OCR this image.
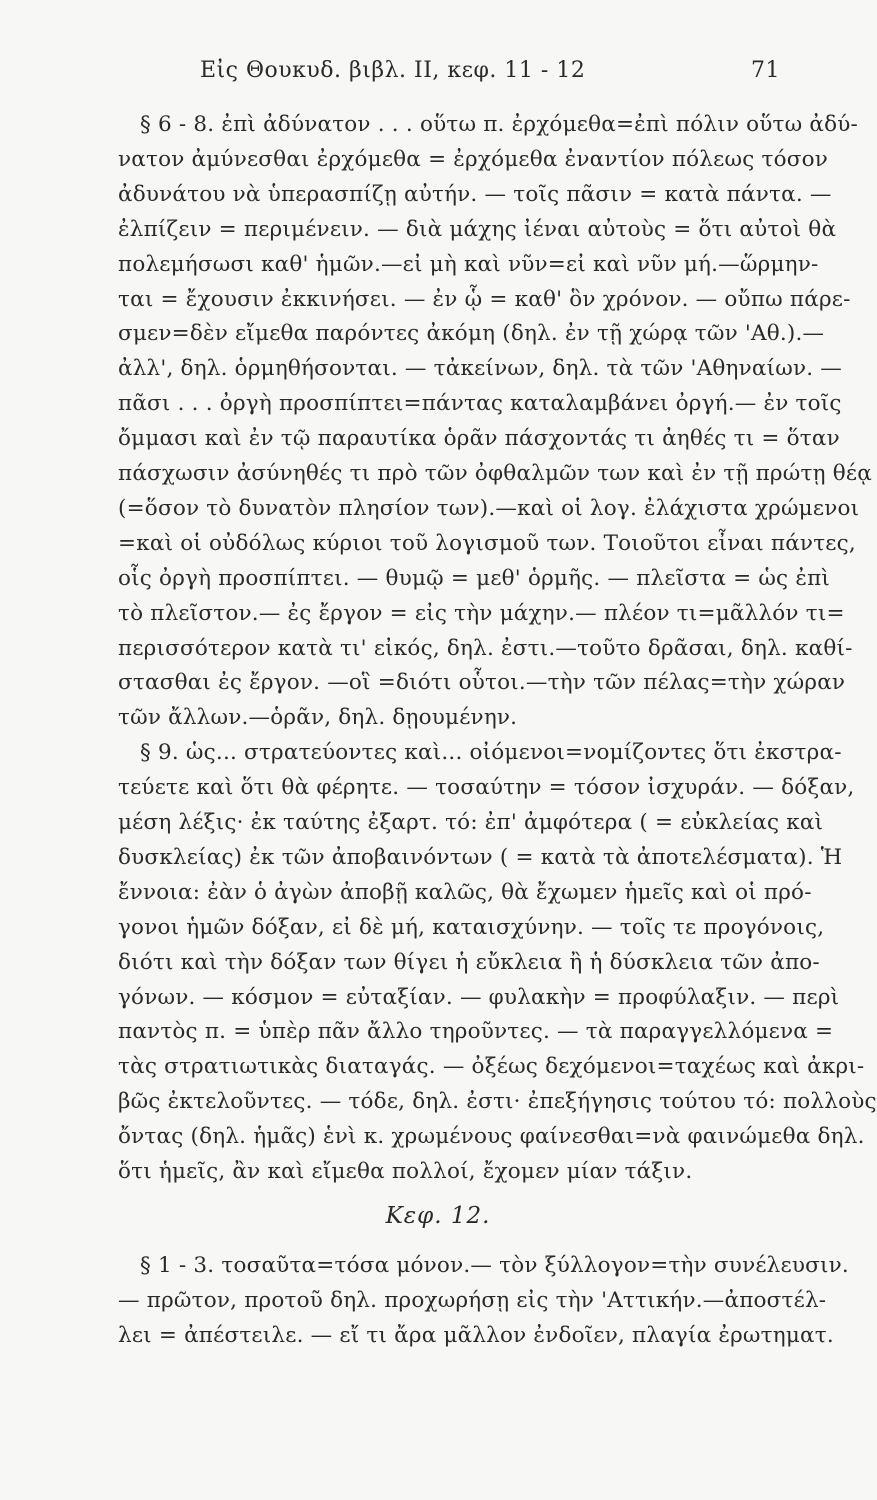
Εἰς Θουκυδ. βιβλ. ΙΙ, κεφ. 11 - 12	71
§ 6 - 8. ἐπὶ ἀδύνατον . . . οὕτω π. ἐρχόμεθα=ἐπὶ πόλιν οὕτω ἀδύ-
νατον ἀμύνεσθαι ἐρχόμεθα = ἐρχόμεθα ἐναντίον πόλεως τόσον
ἀδυνάτου νὰ ὑπερασπίζῃ αὐτήν. — τοῖς πᾶσιν = κατὰ πάντα. —
ἐλπίζειν = περιμένειν. — διὰ μάχης ἰέναι αὐτοὺς = ὅτι αὐτοὶ θὰ
πολεμήσωσι καθ' ἡμῶν.—εἰ μὴ καὶ νῦν=εἰ καὶ νῦν μή.—ὥρμην-
ται = ἔχουσιν ἐκκινήσει. — ἐν ᾧ = καθ' ὃν χρόνον. — οὔπω πάρε-
σμεν=δὲν εἴμεθα παρόντες ἀκόμη (δηλ. ἐν τῇ χώρᾳ τῶν 'Αθ.).—
ἀλλ', δηλ. ὁρμηθήσονται. — τἀκείνων, δηλ. τὰ τῶν 'Αθηναίων. —
πᾶσι . . . ὀργὴ προσπίπτει=πάντας καταλαμβάνει ὀργή.— ἐν τοῖς
ὄμμασι καὶ ἐν τῷ παραυτίκα ὁρᾶν πάσχοντάς τι ἀηθές τι = ὅταν
πάσχωσιν ἀσύνηθές τι πρὸ τῶν ὀφθαλμῶν των καὶ ἐν τῇ πρώτῃ θέᾳ
(=ὅσον τὸ δυνατὸν πλησίον των).—καὶ οἱ λογ. ἐλάχιστα χρώμενοι
=καὶ οἱ οὐδόλως κύριοι τοῦ λογισμοῦ των. Τοιοῦτοι εἶναι πάντες,
οἷς ὀργὴ προσπίπτει. — θυμῷ = μεθ' ὁρμῆς. — πλεῖστα = ὡς ἐπὶ
τὸ πλεῖστον.— ἐς ἔργον = εἰς τὴν μάχην.— πλέον τι=μᾶλλόν τι=
περισσότερον κατὰ τι' εἰκός, δηλ. ἐστι.—τοῦτο δρᾶσαι, δηλ. καθί-
στασθαι ἐς ἔργον. —οἳ =διότι οὗτοι.—τὴν τῶν πέλας=τὴν χώραν
τῶν ἄλλων.—ὁρᾶν, δηλ. δῃουμένην.
§ 9. ὡς... στρατεύοντες καὶ... οἰόμενοι=νομίζοντες ὅτι ἐκστρα-
τεύετε καὶ ὅτι θὰ φέρητε. — τοσαύτην = τόσον ἰσχυράν. — δόξαν,
μέση λέξις· ἐκ ταύτης ἐξαρτ. τό: ἐπ' ἀμφότερα ( = εὐκλείας καὶ
δυσκλείας) ἐκ τῶν ἀποβαινόντων ( = κατὰ τὰ ἀποτελέσματα). Ἡ
ἔννοια: ἐὰν ὁ ἀγὼν ἀποβῇ καλῶς, θὰ ἔχωμεν ἡμεῖς καὶ οἱ πρό-
γονοι ἡμῶν δόξαν, εἰ δὲ μή, καταισχύνην. — τοῖς τε προγόνοις,
διότι καὶ τὴν δόξαν των θίγει ἡ εὔκλεια ἢ ἡ δύσκλεια τῶν ἀπο-
γόνων. — κόσμον = εὐταξίαν. — φυλακὴν = προφύλαξιν. — περὶ
παντὸς π. = ὑπὲρ πᾶν ἄλλο τηροῦντες. — τὰ παραγγελλόμενα =
τὰς στρατιωτικὰς διαταγάς. — ὀξέως δεχόμενοι=ταχέως καὶ ἀκρι-
βῶς ἐκτελοῦντες. — τόδε, δηλ. ἐστι· ἐπεξήγησις τούτου τό: πολλοὺς
ὄντας (δηλ. ἡμᾶς) ἑνὶ κ. χρωμένους φαίνεσθαι=νὰ φαινώμεθα δηλ.
ὅτι ἡμεῖς, ἂν καὶ εἴμεθα πολλοί, ἔχομεν μίαν τάξιν.
Κεφ. 12.
§ 1 - 3. τοσαῦτα=τόσα μόνον.— τὸν ξύλλογον=τὴν συνέλευσιν.
— πρῶτον, προτοῦ δηλ. προχωρήσῃ εἰς τὴν 'Αττικήν.—ἀποστέλ-
λει = ἀπέστειλε. — εἴ τι ἄρα μᾶλλον ἐνδοῖεν, πλαγία ἐρωτηματ.
